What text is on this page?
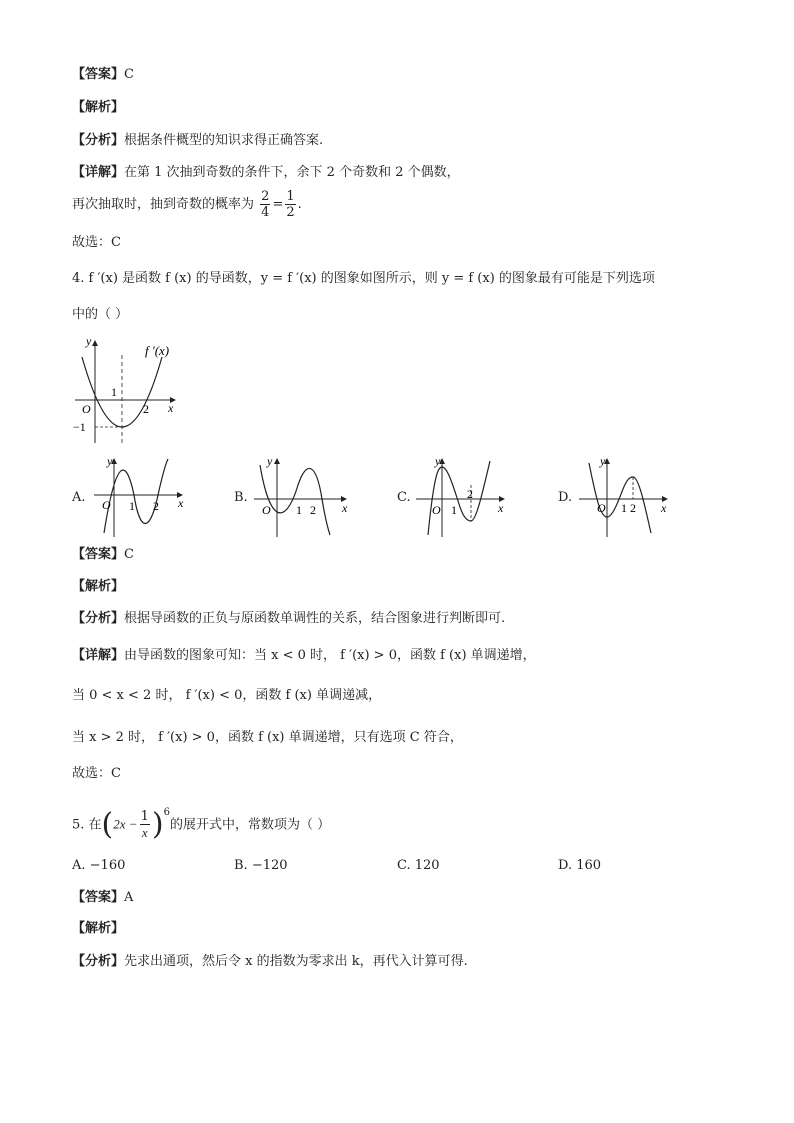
【答案】C
【解析】
【分析】根据条件概型的知识求得正确答案.
【详解】在第 1 次抽到奇数的条件下，余下 2 个奇数和 2 个偶数，
再次抽取时，抽到奇数的概率为 $\frac{2}{4} = \frac{1}{2}$ .
故选：C
4. f ′(x) 是函数 f (x) 的导函数，y = f ′(x) 的图象如图所示，则 y = f (x) 的图象最有可能是下列选项
中的（ ）
f ′(x)
y
x
O
1
2
−1
A.
y
x
O 1 2
B.
y
x
O 1 2
C.
y
x
O 1
2	D.
y
x
O 1 2
【答案】C
【解析】
【分析】根据导函数的正负与原函数单调性的关系，结合图象进行判断即可.
【详解】由导函数的图象可知：当 x < 0 时， f ′(x) > 0，函数 f (x) 单调递增，
当 0 < x < 2 时， f ′(x) < 0，函数 f (x) 单调递减，
当 x > 2 时， f ′(x) > 0，函数 f (x) 单调递增，只有选项 C 符合，
故选：C
5. 在$(2x - \frac{1}{x} )^6$的展开式中，常数项为（ ）
A. −160	B. −120	C. 120	D. 160
【答案】A
【解析】
【分析】先求出通项，然后令 x 的指数为零求出 k，再代入计算可得.
